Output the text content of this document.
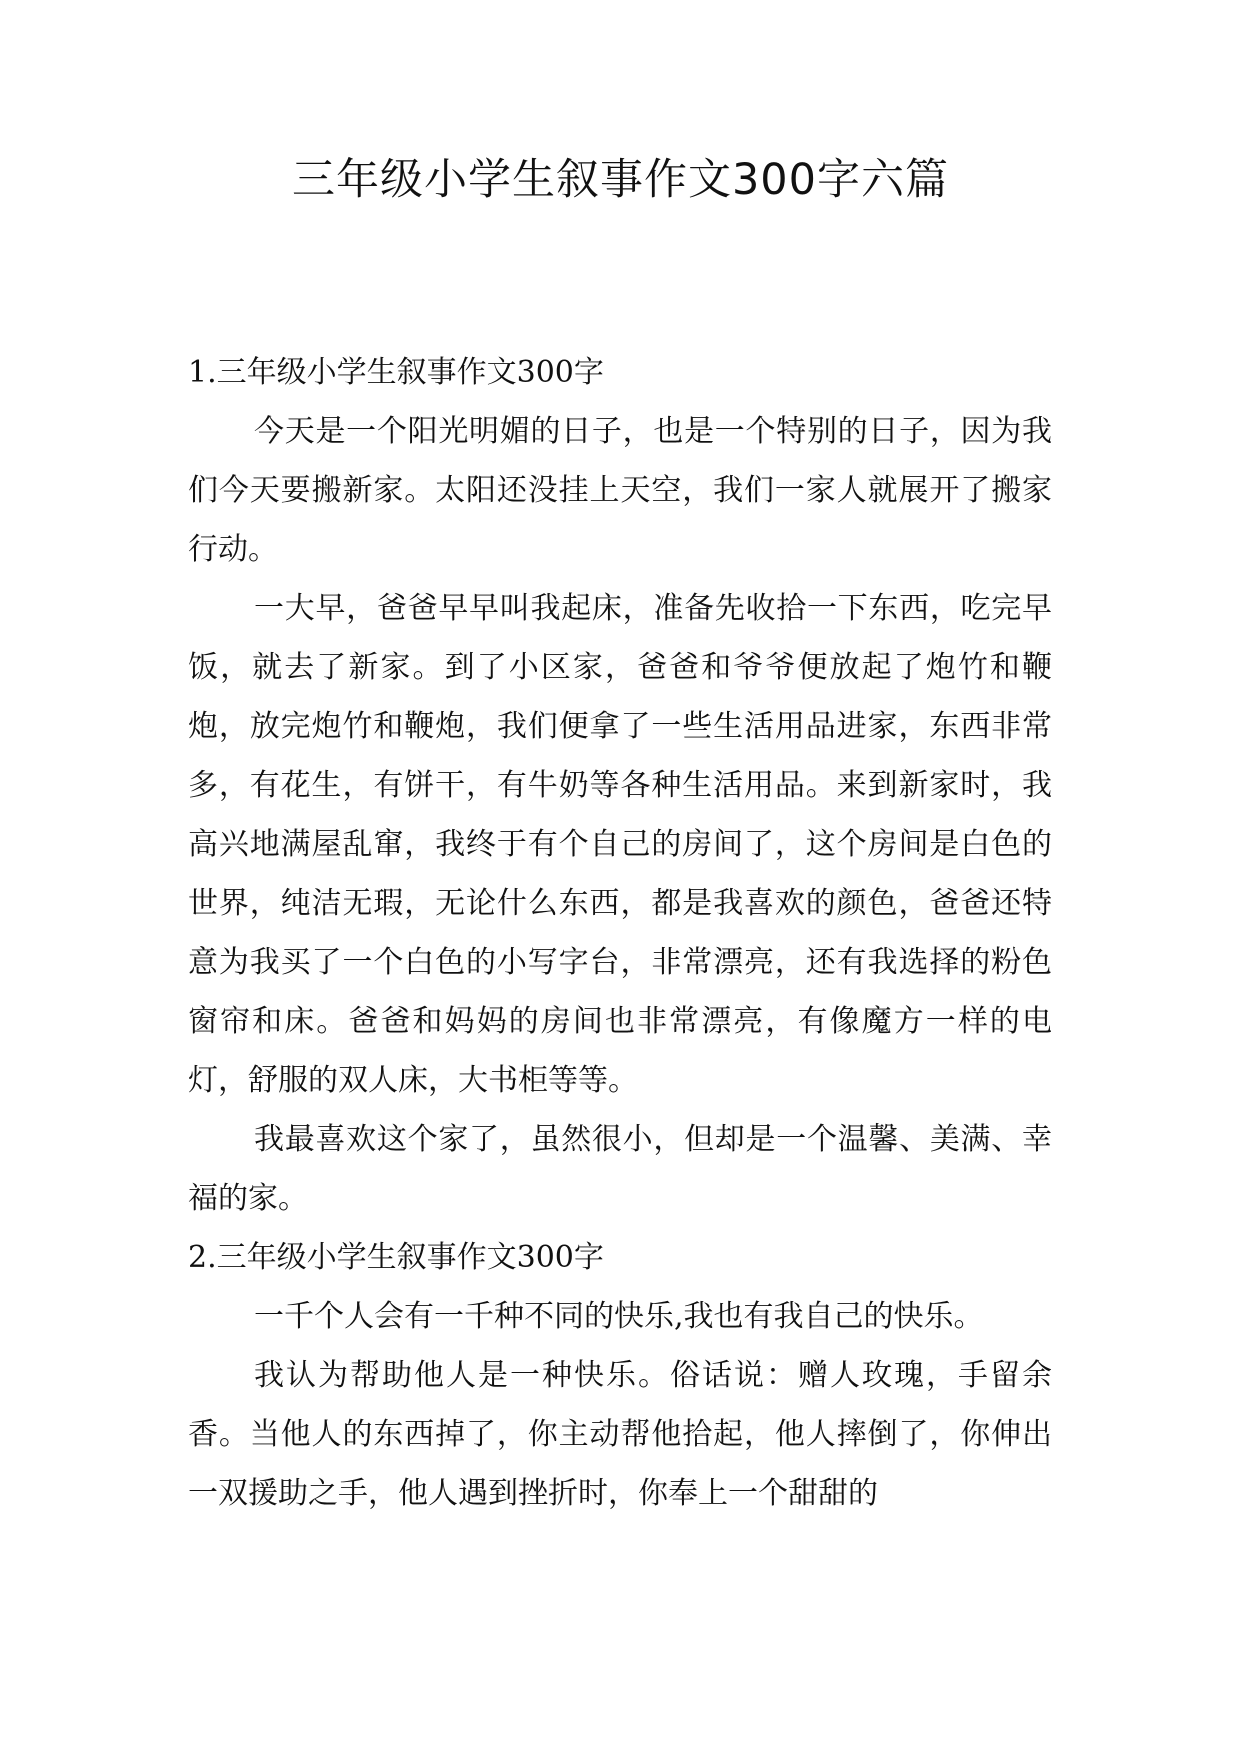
三年级小学生叙事作文300字六篇
1.三年级小学生叙事作文300字

今天是一个阳光明媚的日子，也是一个特别的日子，因为我们今天要搬新家。太阳还没挂上天空，我们一家人就展开了搬家行动。

一大早，爸爸早早叫我起床，准备先收拾一下东西，吃完早饭，就去了新家。到了小区家，爸爸和爷爷便放起了炮竹和鞭炮，放完炮竹和鞭炮，我们便拿了一些生活用品进家，东西非常多，有花生，有饼干，有牛奶等各种生活用品。来到新家时，我高兴地满屋乱窜，我终于有个自己的房间了，这个房间是白色的世界，纯洁无瑕，无论什么东西，都是我喜欢的颜色，爸爸还特意为我买了一个白色的小写字台，非常漂亮，还有我选择的粉色窗帘和床。爸爸和妈妈的房间也非常漂亮，有像魔方一样的电灯，舒服的双人床，大书柜等等。

我最喜欢这个家了，虽然很小，但却是一个温馨、美满、幸福的家。

2.三年级小学生叙事作文300字

一千个人会有一千种不同的快乐,我也有我自己的快乐。

我认为帮助他人是一种快乐。俗话说：赠人玫瑰，手留余香。当他人的东西掉了，你主动帮他拾起，他人摔倒了，你伸出一双援助之手，他人遇到挫折时，你奉上一个甜甜的
